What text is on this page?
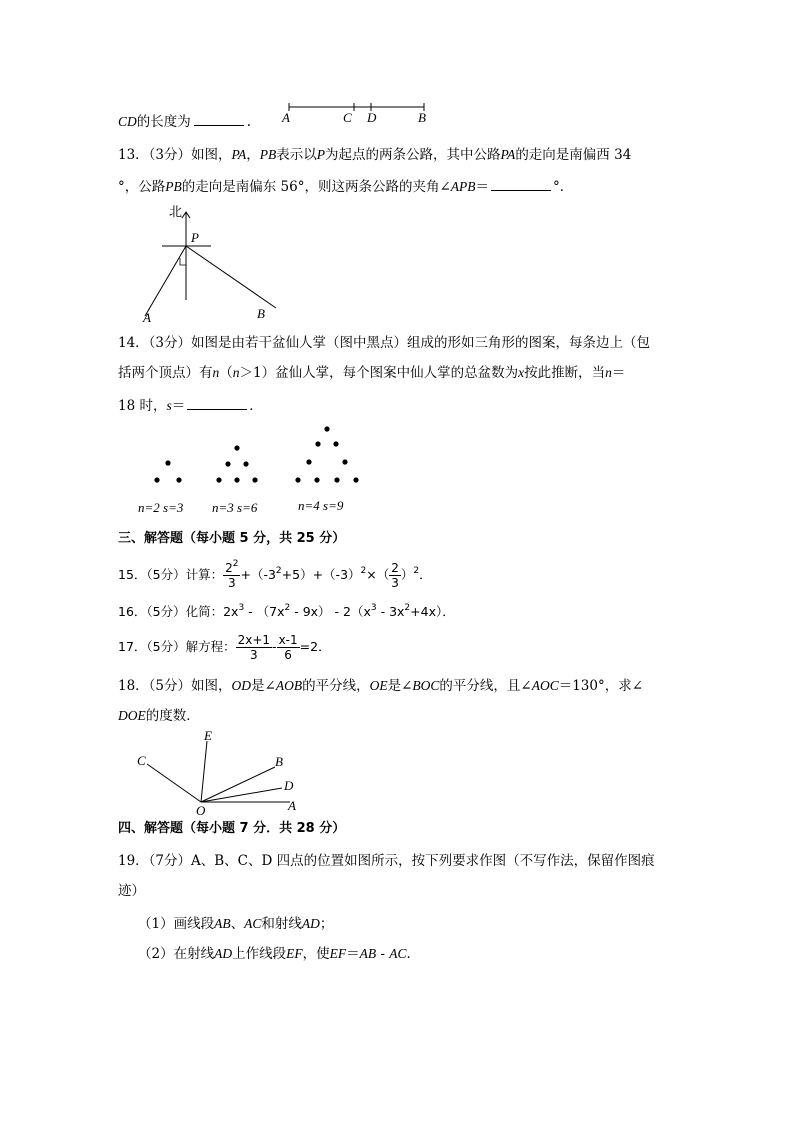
CD的长度为	. A	C D	B
13．（3分）如图，PA，PB表示以P为起点的两条公路，其中公路PA的走向是南偏西 34
°，公路PB的走向是南偏东 56°，则这两条公路的夹角∠APB＝	°．
北
P
A	B
14．（3分）如图是由若干盆仙人掌（图中黑点）组成的形如三角形的图案，每条边上（包
括两个顶点）有n（n＞1）盆仙人掌，每个图案中仙人掌的总盆数为x按此推断，当n＝
18 时，s＝	．
n=2 s=3 n=3 s=6	n=4 s=9
三、解答题（每小题 5 分，共 25 分）
15．（5分）计算： $\frac{2^2}{3} +(-3^2+5)+(-3)^2\times( \frac{2}{3} )^2$．
16．（5分）化简：$2x^3 - (7x^2 - 9x) - 2(x^3 - 3x^2+4x)$．
17．（5分）解方程： $\frac{2x+1}{3} - \frac{x-1}{6} =2$．
18．（5分）如图，OD是∠AOB的平分线，OE是∠BOC的平分线，且∠AOC＝130°，求∠
DOE的度数．
C
E
B
D
O	A
四、解答题（每小题 7 分．共 28 分）
19．（7分）A、B、C、D 四点的位置如图所示，按下列要求作图（不写作法，保留作图痕
迹）
（1）画线段AB、AC和射线AD；
（2）在射线AD上作线段EF，使EF＝AB - AC．
